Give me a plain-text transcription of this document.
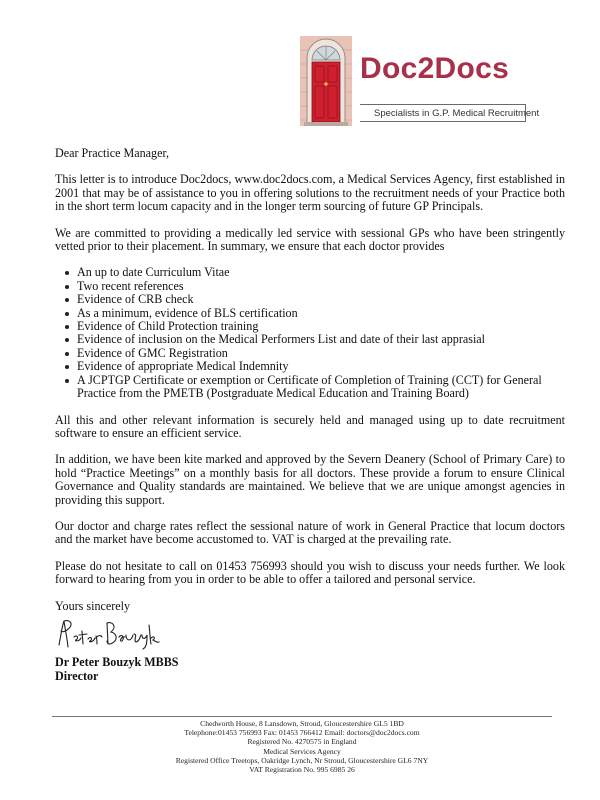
Doc2Docs
Specialists in G.P. Medical Recruitment

Dear Practice Manager,

This letter is to introduce Doc2docs, www.doc2docs.com, a Medical Services Agency, first established in 2001 that may be of assistance to you in offering solutions to the recruitment needs of your Practice both in the short term locum capacity and in the longer term sourcing of future GP Principals.

We are committed to providing a medically led service with sessional GPs who have been stringently vetted prior to their placement. In summary, we ensure that each doctor provides

An up to date Curriculum Vitae
Two recent references
Evidence of CRB check
As a minimum, evidence of BLS certification
Evidence of Child Protection training
Evidence of inclusion on the Medical Performers List and date of their last apprasial
Evidence of GMC Registration
Evidence of appropriate Medical Indemnity
A JCPTGP Certificate or exemption or Certificate of Completion of Training (CCT) for General Practice from the PMETB (Postgraduate Medical Education and Training Board)

All this and other relevant information is securely held and managed using up to date recruitment software to ensure an efficient service.

In addition, we have been kite marked and approved by the Severn Deanery (School of Primary Care) to hold “Practice Meetings” on a monthly basis for all doctors. These provide a forum to ensure Clinical Governance and Quality standards are maintained. We believe that we are unique amongst agencies in providing this support.

Our doctor and charge rates reflect the sessional nature of work in General Practice that locum doctors and the market have become accustomed to. VAT is charged at the prevailing rate.

Please do not hesitate to call on 01453 756993 should you wish to discuss your needs further. We look forward to hearing from you in order to be able to offer a tailored and personal service.

Yours sincerely

Dr Peter Bouzyk MBBS

Director

Chedworth House, 8 Lansdown, Stroud, Gloucestershire GL5 1BD
Telephone:01453 756993 Fax: 01453 766412 Email: doctors@doc2docs.com
Registered No. 4270575 in England
Medical Services Agency
Registered Office Treetops, Oakridge Lynch, Nr Stroud, Gloucestershire GL6 7NY
VAT Registration No. 995 6985 26
